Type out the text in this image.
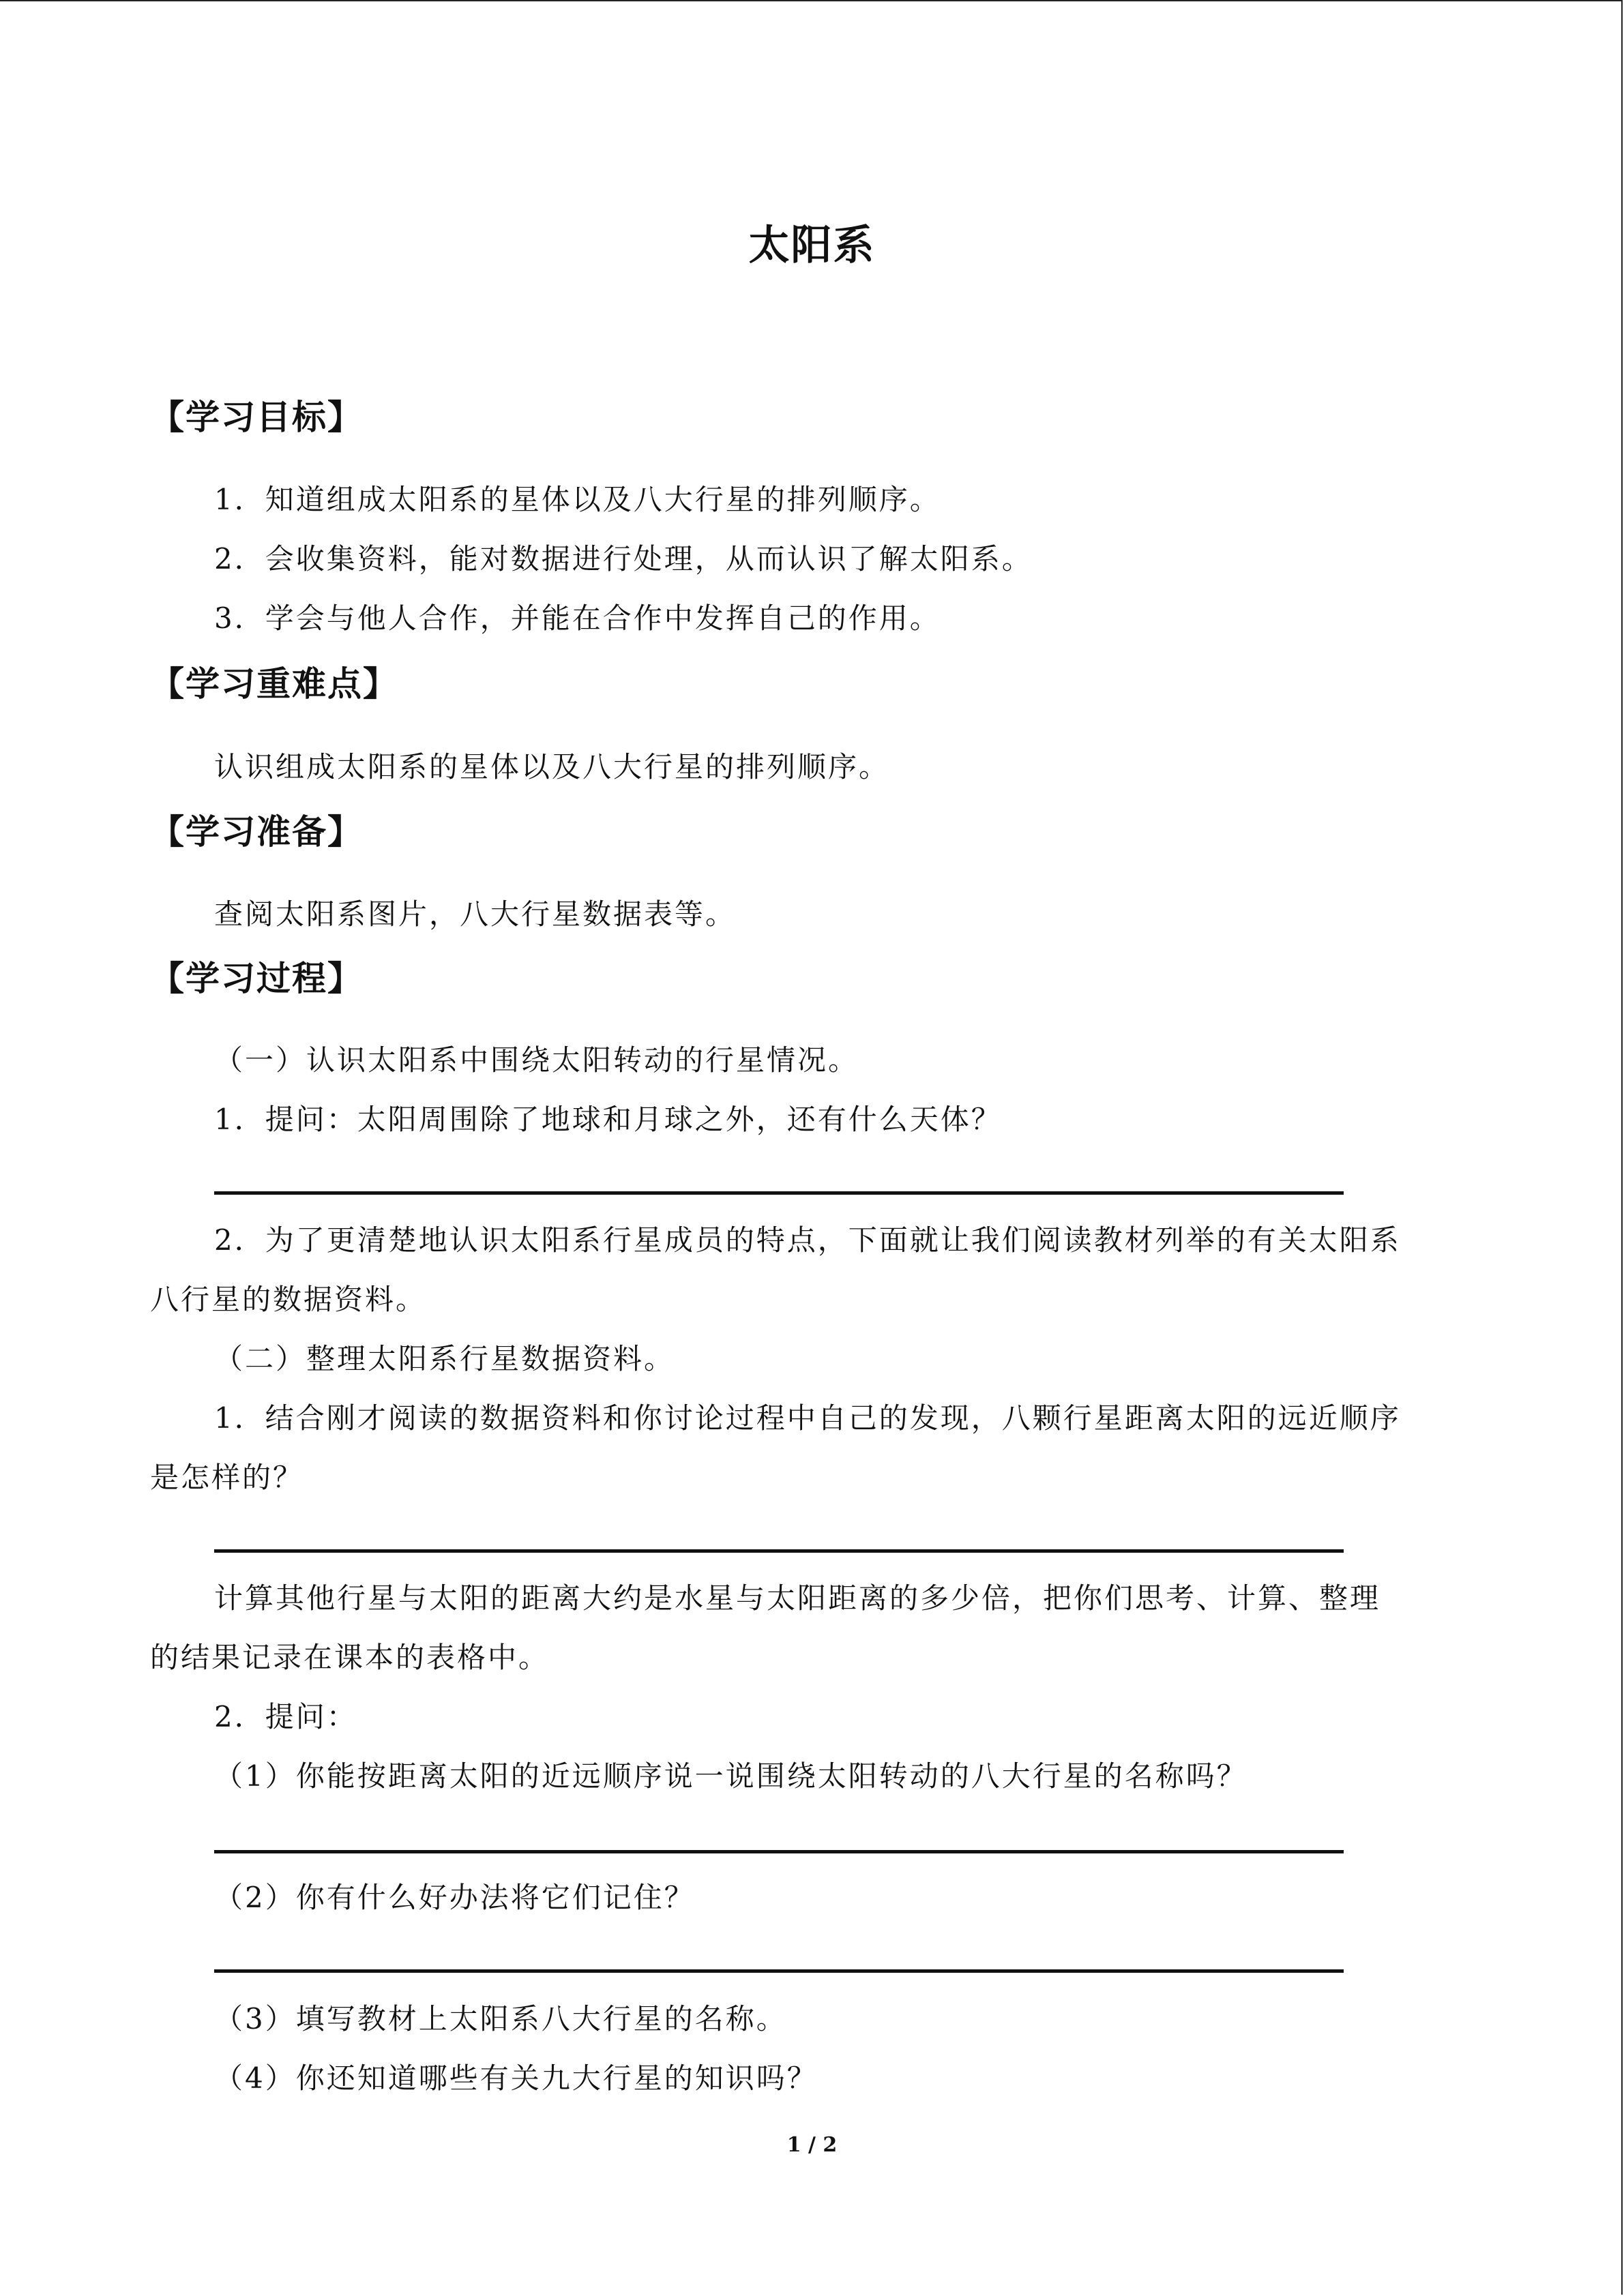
太阳系
【学习目标】
1．知道组成太阳系的星体以及八大行星的排列顺序。
2．会收集资料，能对数据进行处理，从而认识了解太阳系。
3．学会与他人合作，并能在合作中发挥自己的作用。
【学习重难点】
认识组成太阳系的星体以及八大行星的排列顺序。
【学习准备】
查阅太阳系图片，八大行星数据表等。
【学习过程】
（一）认识太阳系中围绕太阳转动的行星情况。
1．提问：太阳周围除了地球和月球之外，还有什么天体？
2．为了更清楚地认识太阳系行星成员的特点，下面就让我们阅读教材列举的有关太阳系
八行星的数据资料。
（二）整理太阳系行星数据资料。
1．结合刚才阅读的数据资料和你讨论过程中自己的发现，八颗行星距离太阳的远近顺序
是怎样的？
计算其他行星与太阳的距离大约是水星与太阳距离的多少倍，把你们思考、计算、整理
的结果记录在课本的表格中。
2．提问：
（1）你能按距离太阳的近远顺序说一说围绕太阳转动的八大行星的名称吗？
（2）你有什么好办法将它们记住？
（3）填写教材上太阳系八大行星的名称。
（4）你还知道哪些有关九大行星的知识吗？
1 / 2
